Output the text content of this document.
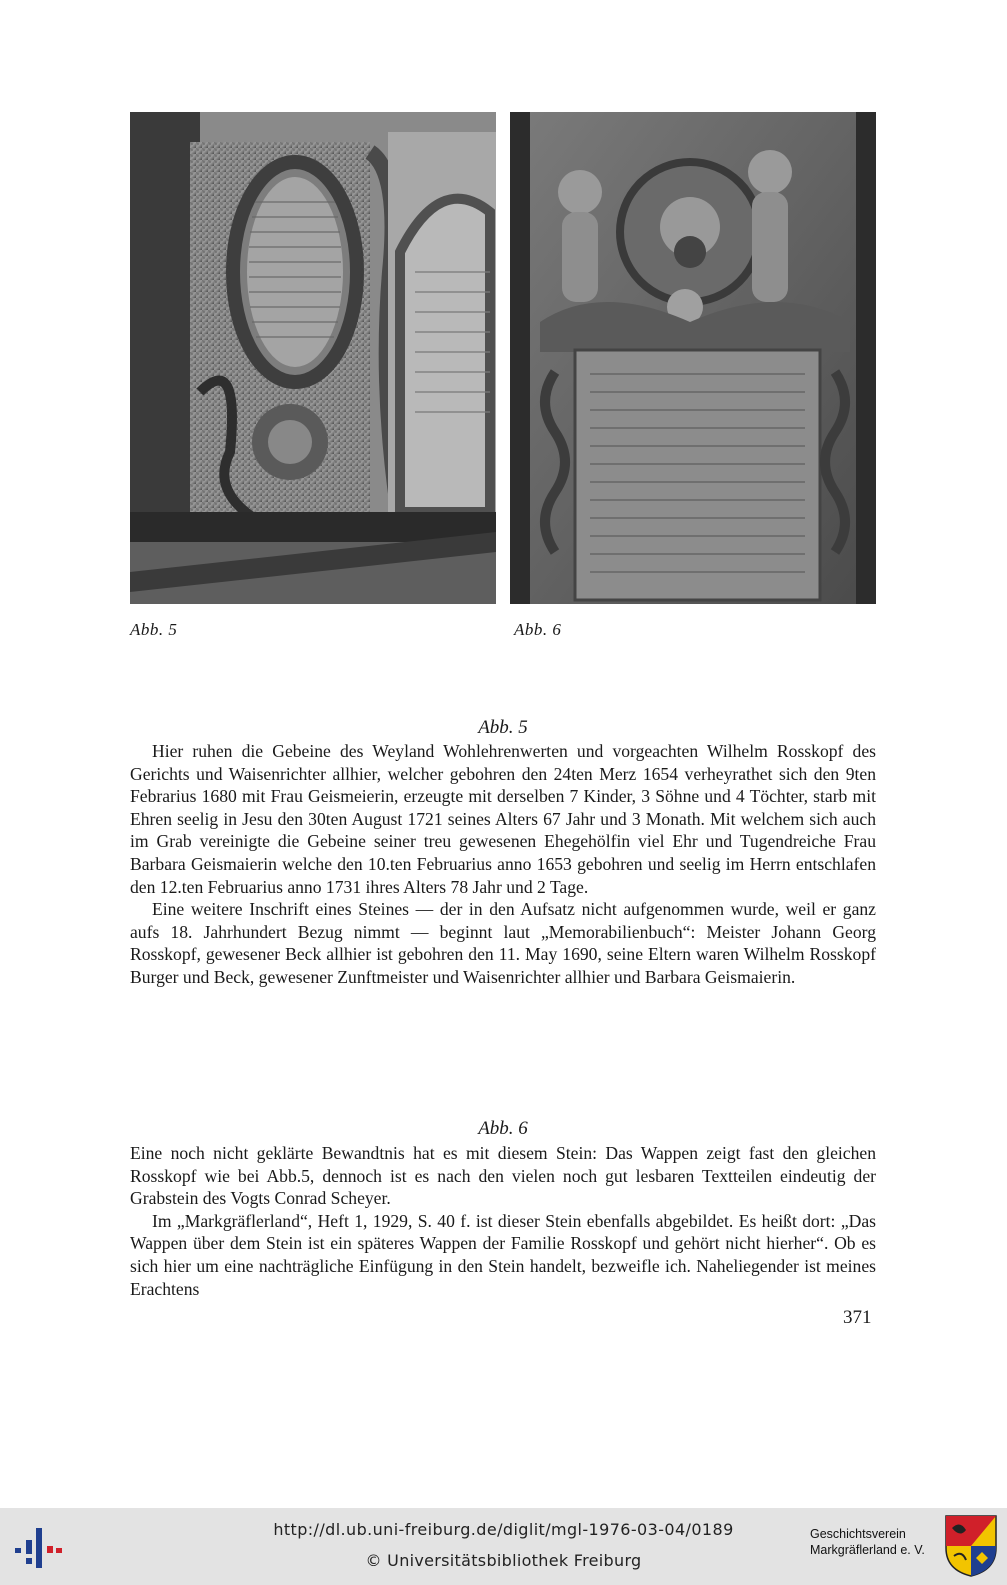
Abb. 5	Abb. 6
Abb. 5

Hier ruhen die Gebeine des Weyland Wohlehrenwerten und vorgeachten Wilhelm Rosskopf des Gerichts und Waisenrichter allhier, welcher gebohren den 24ten Merz 1654 verheyrathet sich den 9ten Febrarius 1680 mit Frau Geismeierin, erzeugte mit derselben 7 Kinder, 3 Söhne und 4 Töchter, starb mit Ehren seelig in Jesu den 30ten August 1721 seines Alters 67 Jahr und 3 Monath. Mit welchem sich auch im Grab vereinigte die Gebeine seiner treu gewesenen Ehegehölfin viel Ehr und Tugendreiche Frau Barbara Geismaierin welche den 10.ten Februarius anno 1653 gebohren und seelig im Herrn entschlafen den 12.ten Februarius anno 1731 ihres Alters 78 Jahr und 2 Tage.

Eine weitere Inschrift eines Steines — der in den Aufsatz nicht aufgenommen wurde, weil er ganz aufs 18. Jahrhundert Bezug nimmt — beginnt laut „Memorabilienbuch“: Meister Johann Georg Rosskopf, gewesener Beck allhier ist gebohren den 11. May 1690, seine Eltern waren Wilhelm Rosskopf Burger und Beck, gewesener Zunftmeister und Waisenrichter allhier und Barbara Geismaierin.

Abb. 6

Eine noch nicht geklärte Bewandtnis hat es mit diesem Stein: Das Wappen zeigt fast den gleichen Rosskopf wie bei Abb.5, dennoch ist es nach den vielen noch gut lesbaren Textteilen eindeutig der Grabstein des Vogts Conrad Scheyer.

Im „Markgräflerland“, Heft 1, 1929, S. 40 f. ist dieser Stein ebenfalls abgebildet. Es heißt dort: „Das Wappen über dem Stein ist ein späteres Wappen der Familie Rosskopf und gehört nicht hierher“. Ob es sich hier um eine nachträgliche Einfügung in den Stein handelt, bezweifle ich. Naheliegender ist meines Erachtens

371
http://dl.ub.uni-freiburg.de/diglit/mgl-1976-03-04/0189
© Universitätsbibliothek Freiburg
Geschichtsverein
Markgräflerland e. V.
